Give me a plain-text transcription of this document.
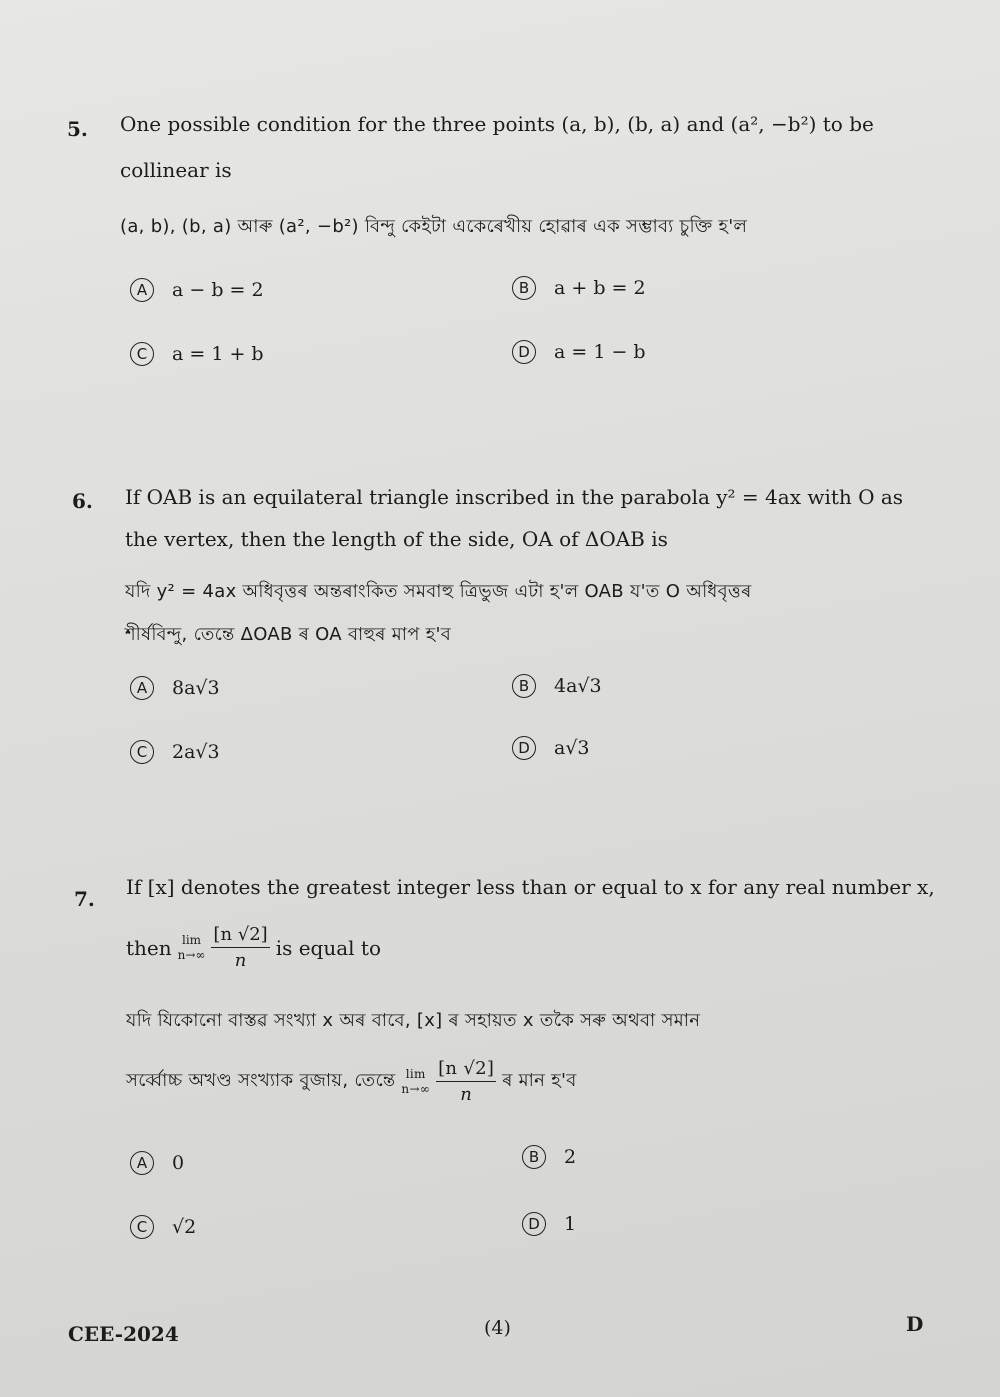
5. One possible condition for the three points (a, b), (b, a) and (a², −b²) to be
collinear is
(a, b), (b, a) আৰু (a², −b²) বিন্দু কেইটা একেৰেখীয় হোৱাৰ এক সম্ভাব্য চুক্তি হ'ল
A	a − b = 2	B	a + b = 2
C	a = 1 + b	D	a = 1 − b
6. If OAB is an equilateral triangle inscribed in the parabola y² = 4ax with O as
the vertex, then the length of the side, OA of ΔOAB is
যদি y² = 4ax অধিবৃত্তৰ অন্তৰাংকিত সমবাহু ত্ৰিভুজ এটা হ'ল OAB য'ত O অধিবৃত্তৰ
শীৰ্ষবিন্দু, তেন্তে ΔOAB ৰ OA বাহুৰ মাপ হ'ব
A	8a√3	B	4a√3
C	2a√3	D	a√3
7. If [x] denotes the greatest integer less than or equal to x for any real number x,
then lim
$n\to\infty \frac{[n √2]}{n}$ is equal to
যদি যিকোনো বাস্তৱ সংখ্যা x অৰ বাবে, [x] ৰ সহায়ত x তকৈ সৰু অথবা সমান
সৰ্ব্বোচ্চ অখণ্ড সংখ্যাক বুজায়, তেন্তে lim
$n\to\infty \frac{[n √2]}{n}$ ৰ মান হ'ব
A	0	B	2
C	√2	D	1
CEE-2024	(4)	D
